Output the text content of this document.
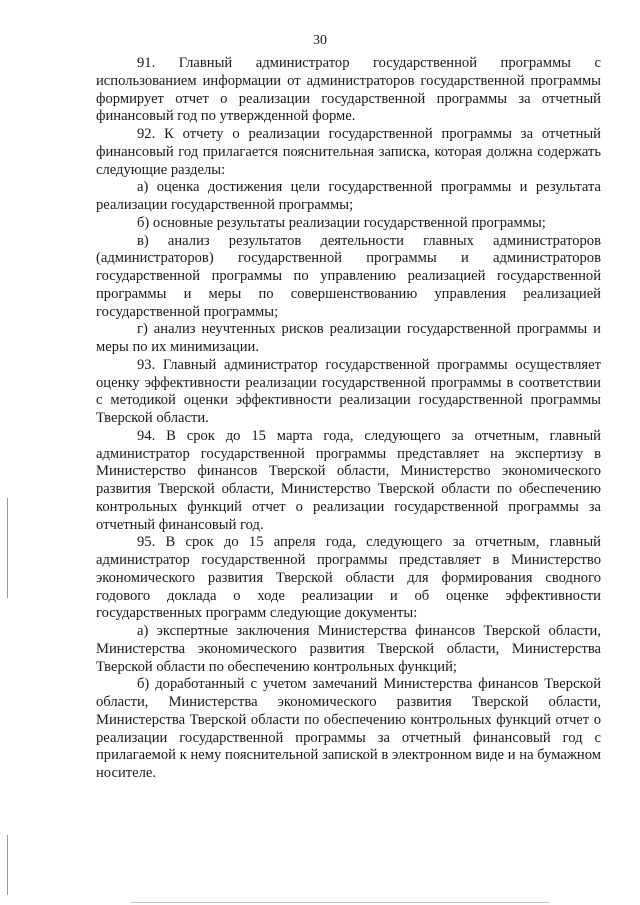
30

91. Главный администратор государственной программы с использованием информации от администраторов государственной программы формирует отчет о реализации государственной программы за отчетный финансовый год по утвержденной форме.

92. К отчету о реализации государственной программы за отчетный финансовый год прилагается пояснительная записка, которая должна содержать следующие разделы:

а) оценка достижения цели государственной программы и результата реализации государственной программы;

б) основные результаты реализации государственной программы;

в) анализ результатов деятельности главных администраторов (администраторов) государственной программы и администраторов государственной программы по управлению реализацией государственной программы и меры по совершенствованию управления реализацией государственной программы;

г) анализ неучтенных рисков реализации государственной программы и меры по их минимизации.

93. Главный администратор государственной программы осуществляет оценку эффективности реализации государственной программы в соответствии с методикой оценки эффективности реализации государственной программы Тверской области.

94. В срок до 15 марта года, следующего за отчетным, главный администратор государственной программы представляет на экспертизу в Министерство финансов Тверской области, Министерство экономического развития Тверской области, Министерство Тверской области по обеспечению контрольных функций отчет о реализации государственной программы за отчетный финансовый год.

95. В срок до 15 апреля года, следующего за отчетным, главный администратор государственной программы представляет в Министерство экономического развития Тверской области для формирования сводного годового доклада о ходе реализации и об оценке эффективности государственных программ следующие документы:

а) экспертные заключения Министерства финансов Тверской области, Министерства экономического развития Тверской области, Министерства Тверской области по обеспечению контрольных функций;

б) доработанный с учетом замечаний Министерства финансов Тверской области, Министерства экономического развития Тверской области, Министерства Тверской области по обеспечению контрольных функций отчет о реализации государственной программы за отчетный финансовый год с прилагаемой к нему пояснительной запиской в электронном виде и на бумажном носителе.
